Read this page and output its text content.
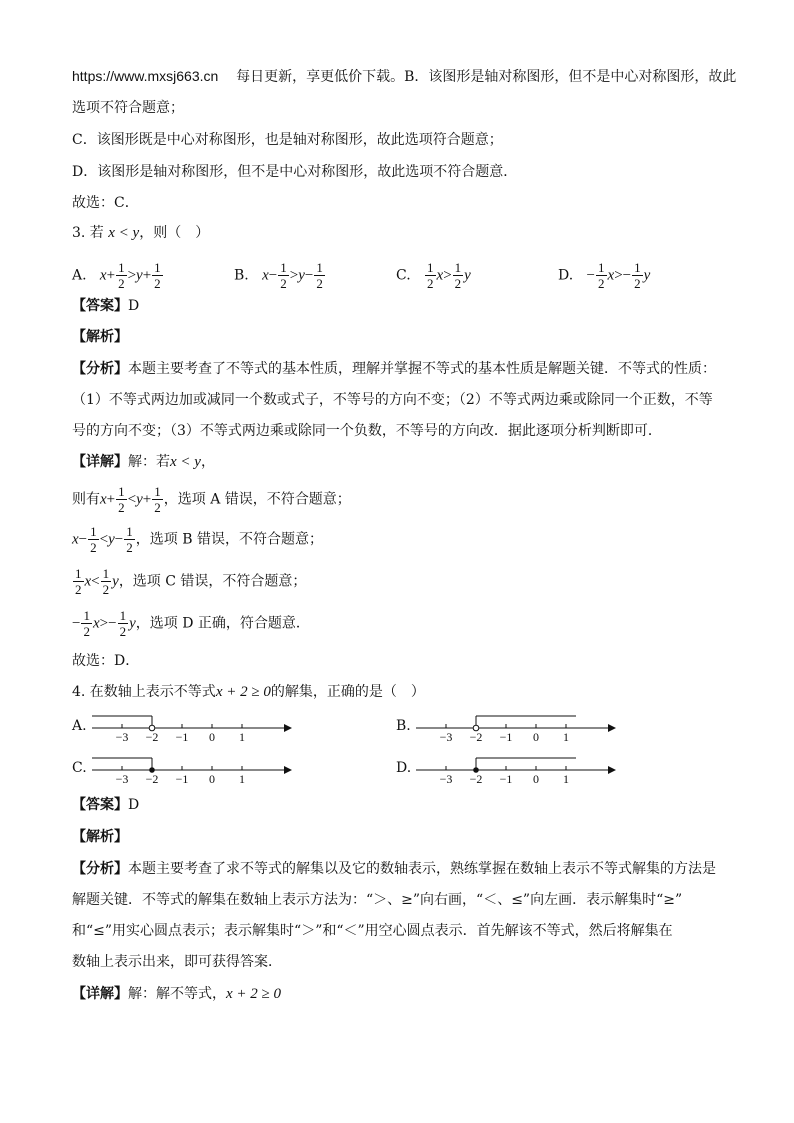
https://www.mxsj663.cn 每日更新，享更低价下载。B．该图形是轴对称图形，但不是中心对称图形，故此
选项不符合题意；
C．该图形既是中心对称图形，也是轴对称图形，故此选项符合题意；
D．该图形是轴对称图形，但不是中心对称图形，故此选项不符合题意．
故选：C．
3. 若 x < y，则（　）
A. $x+ \frac{1}{2} >y+ \frac{1}{2}$	B. $x- \frac{1}{2} >y- \frac{1}{2}$	C. $\frac{1}{2} x> \frac{1}{2}$ y	D. − $\frac{1}{2} x>- \frac{1}{2}$ y
【答案】D
【解析】
【分析】本题主要考查了不等式的基本性质，理解并掌握不等式的基本性质是解题关键．不等式的性质：
（1）不等式两边加或减同一个数或式子，不等号的方向不变；（2）不等式两边乘或除同一个正数，不等
号的方向不变；（3）不等式两边乘或除同一个负数，不等号的方向改．据此逐项分析判断即可．
【详解】解：若x < y，
则有$x+ \frac{1}{2} <y+ \frac{1}{2}$ ，选项 A 错误，不符合题意；
$x- \frac{1}{2} <y- \frac{1}{2}$ ，选项 B 错误，不符合题意；
$\frac{1}{2} x< \frac{1}{2}$ y，选项 C 错误，不符合题意；
− $\frac{1}{2} x>- \frac{1}{2}$ y，选项 D 正确，符合题意．
故选：D．
4. 在数轴上表示不等式x + 2 ≥ 0的解集，正确的是（　）
A.
−3 −2 −1 0 1
B.
−3 −2 −1 0 1
C.
−3 −2 −1 0 1
D.
−3 −2 −1 0 1
【答案】D
【解析】
【分析】本题主要考查了求不等式的解集以及它的数轴表示，熟练掌握在数轴上表示不等式解集的方法是
解题关键．不等式的解集在数轴上表示方法为：“＞、≥”向右画，“＜、≤”向左画．表示解集时“≥”
和“≤”用实心圆点表示；表示解集时“＞”和“＜”用空心圆点表示．首先解该不等式，然后将解集在
数轴上表示出来，即可获得答案．
【详解】解：解不等式，x + 2 ≥ 0
